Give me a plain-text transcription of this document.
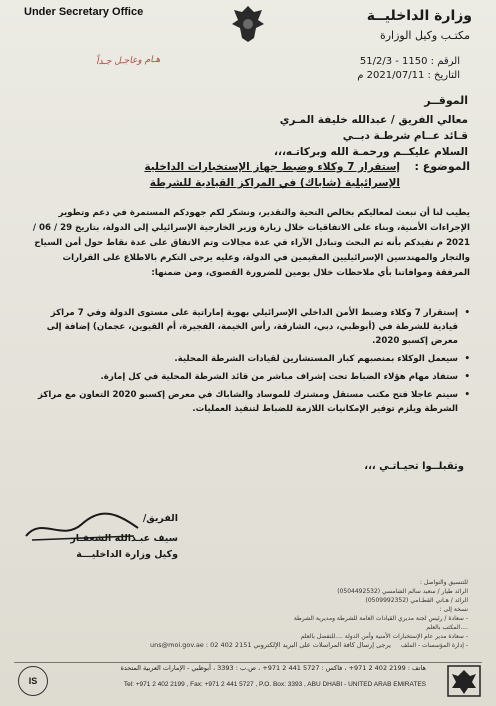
Under Secretary Office	وزارة الداخليــة
مكتـب وكيل الوزارة
هـام وعاجـل جـداً	الرقم : 1150 - 51/2/3
التاريخ : 2021/07/11 م
الموقــر
معالي الفريق / عبدالله خليفة المـري
قـائد عــام شرطـة دبــي
السلام عليكــم ورحمـة الله وبركاتـه،،،
الموضوع :
إستقرار 7 وكلاء وضبط جهاز الإستخبارات الداخلية
الإسرائيلية (شاباك) في المراكز القيادية للشرطة

يطيب لنا أن نبعث لمعاليكم بخالص التحية والتقدير، ونشكر لكم جهودكم المستمرة في دعم وتطوير الإجراءات الأمنية، وبناء على الاتفاقيات خلال زيارة وزير الخارجية الإسرائيلي إلى الدولة، بتاريخ 29 / 06 / 2021 م نفيدكم بأنه تم البحث وتبادل الآراء في عدة مجالات وتم الاتفاق على عدة نقاط حول أمن السياح والتجار والمهندسين الإسرائيليين المقيمين في الدولة، وعليه يرجى التكرم بالاطلاع على القرارات المرفقة وموافاتنا بأي ملاحظات خلال يومين للضرورة القصوى، ومن ضمنها:

• إستقرار 7 وكلاء وضبط الأمن الداخلي الإسرائيلي بهوية إماراتية على مستوى الدولة وفي 7 مراكز قيادية للشرطة في (أبوظبي، دبي، الشارقة، رأس الخيمة، الفجيرة، أم القيوين، عجمان) إضافة إلى معرض إكسبو 2020.
• سيعمل الوكلاء بمنصبهم كبار المستشارين لقيادات الشرطة المحلية.
• ستفاد مهام هؤلاء الضباط تحت إشراف مباشر من قائد الشرطة المحلية في كل إمارة.
• سيتم عاجلا فتح مكتب مستقل ومشترك للموساد والشاباك في معرض إكسبو 2020 التعاون مع مراكز الشرطة ويلزم توفير الإمكانيات اللازمة للضباط لتنفيذ العمليات.
وتقبلــوا تحيـاتـي ،،،
الفريق/
سيف عبـدالله الشعفـار
وكيل وزارة الداخليـــة

للتنسيق والتواصل :

الرائد طيار / سعيد سالم الشامسي (0504492532)

الرائد / هـاني القطـامي (0509992352)

نسخة إلى :

- سعادة / رئيس لجنة مديري القيادات العامة للشرطة ومديرية الشرطة ....المكتب بالعلم

- سعادة مدير عام الإستخبارات الأمنية وأمن الدولة ....للتفضل بالعلم

- إدارة المؤسسات - الملف

uns@moi.gov.ae : 02 402 2151 يرجى إرسال كافة المراسلات على البريد الإلكتروني
IS
هاتف : 2199 402 2 971+ ، فاكس : 5727 441 2 971+ ، ص.ب : 3393 ، أبوظبي - الإمارات العربية المتحدة
Tel: +971 2 402 2199 , Fax: +971 2 441 5727 , P.O. Box: 3393 , ABU DHABI - UNITED ARAB EMIRATES
